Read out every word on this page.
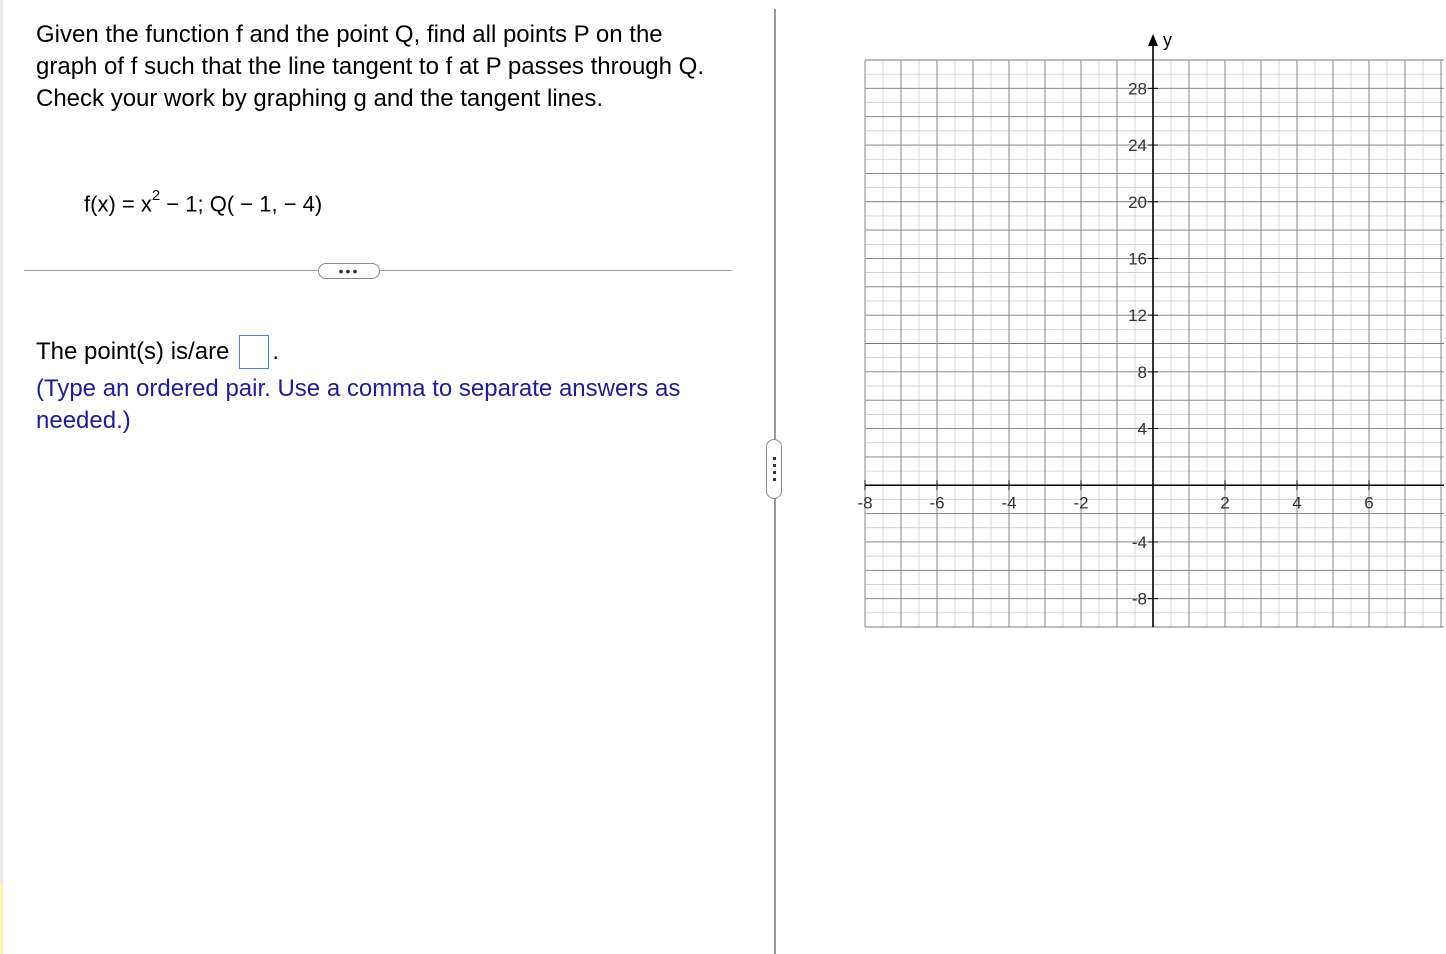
Given the function f and the point Q, find all points P on the graph of f such that the line tangent to f at P passes through Q. Check your work by graphing g and the tangent lines.

$f(x) = x^2 - 1$; Q( − 1, − 4)
•••
The point(s) is/are .
(Type an ordered pair. Use a comma to separate answers as needed.)
-8	-6	-4	-2	2	4	6
28
24
20
16
12
8
4
-4
-8
y
